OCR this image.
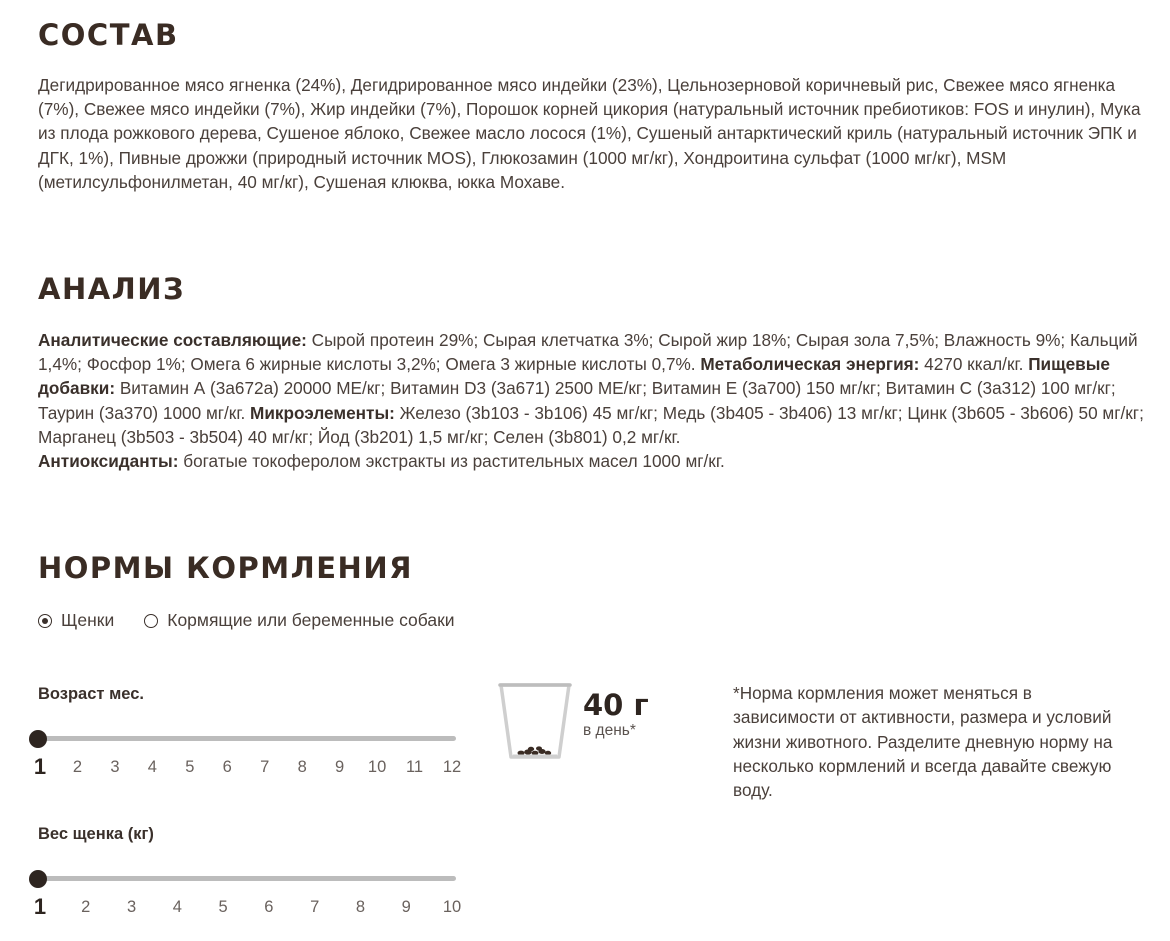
СОСТАВ

Дегидрированное мясо ягненка (24%), Дегидрированное мясо индейки (23%), Цельнозерновой коричневый рис, Свежее мясо ягненка (7%), Свежее мясо индейки (7%), Жир индейки (7%), Порошок корней цикория (натуральный источник пребиотиков: FOS и инулин), Мука из плода рожкового дерева, Сушеное яблоко, Свежее масло лосося (1%), Сушеный антарктический криль (натуральный источник ЭПК и ДГК, 1%), Пивные дрожжи (природный источник MOS), Глюкозамин (1000 мг/кг), Хондроитина сульфат (1000 мг/кг), MSM (метилсульфонилметан, 40 мг/кг), Сушеная клюква, юкка Мохаве.

АНАЛИЗ

Аналитические составляющие: Сырой протеин 29%; Сырая клетчатка 3%; Сырой жир 18%; Сырая зола 7,5%; Влажность 9%; Кальций 1,4%; Фосфор 1%; Омега 6 жирные кислоты 3,2%; Омега 3 жирные кислоты 0,7%. Метаболическая энергия: 4270 ккал/кг. Пищевые добавки: Витамин А (3а672а) 20000 МЕ/кг; Витамин D3 (3а671) 2500 МЕ/кг; Витамин Е (3а700) 150 мг/кг; Витамин С (3а312) 100 мг/кг; Таурин (3а370) 1000 мг/кг. Микроэлементы: Железо (3b103 - 3b106) 45 мг/кг; Медь (3b405 - 3b406) 13 мг/кг; Цинк (3b605 - 3b606) 50 мг/кг; Марганец (3b503 - 3b504) 40 мг/кг; Йод (3b201) 1,5 мг/кг; Селен (3b801) 0,2 мг/кг.
Антиоксиданты: богатые токоферолом экстракты из растительных масел 1000 мг/кг.

НОРМЫ КОРМЛЕНИЯ
Щенки	Кормящие или беременные собаки

Возраст мес.

1 2 3 4 5 6 7 8 9 10 11 12

Вес щенка (кг)

1 2 3 4 5 6 7 8 9 10

40 г

в день*

*Норма кормления может меняться в зависимости от активности, размера и условий жизни животного. Разделите дневную норму на несколько кормлений и всегда давайте свежую воду.
